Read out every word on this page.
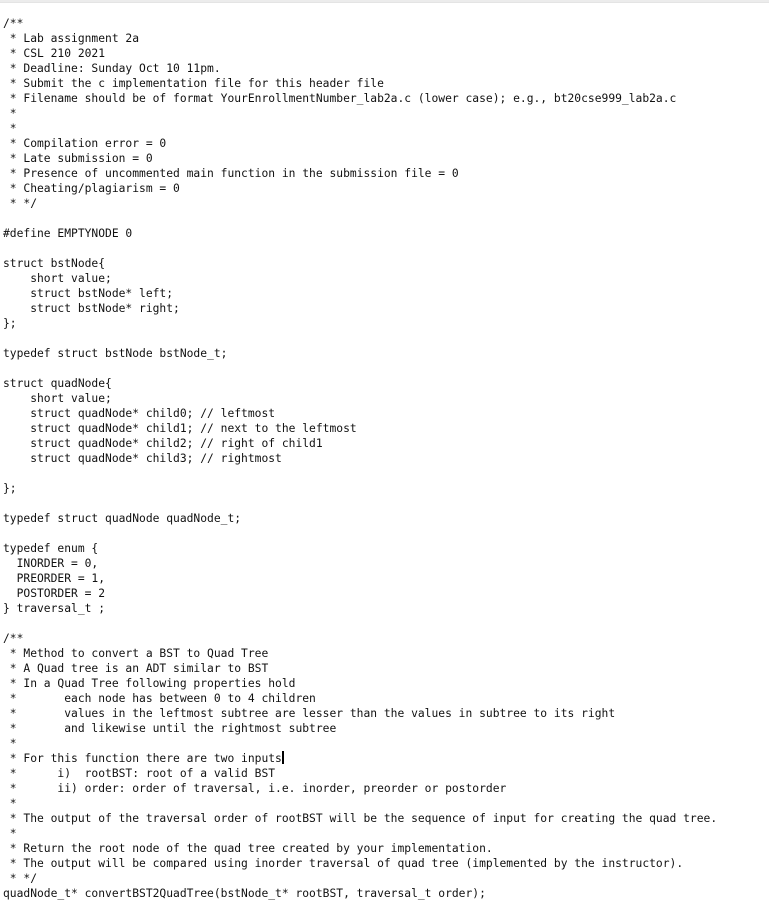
/**
* Lab assignment 2a
* CSL 210 2021
* Deadline: Sunday Oct 10 11pm.
* Submit the c implementation file for this header file
* Filename should be of format YourEnrollmentNumber_lab2a.c (lower case); e.g., bt20cse999_lab2a.c
*
*
* Compilation error = 0
* Late submission = 0
* Presence of uncommented main function in the submission file = 0
* Cheating/plagiarism = 0
* */
#define EMPTYNODE 0
struct bstNode{
short value;
struct bstNode* left;
struct bstNode* right;
};
typedef struct bstNode bstNode_t;
struct quadNode{
short value;
struct quadNode* child0; // leftmost
struct quadNode* child1; // next to the leftmost
struct quadNode* child2; // right of child1
struct quadNode* child3; // rightmost
};
typedef struct quadNode quadNode_t;
typedef enum {
INORDER = 0,
PREORDER = 1,
POSTORDER = 2
} traversal_t ;
/**
* Method to convert a BST to Quad Tree
* A Quad tree is an ADT similar to BST
* In a Quad Tree following properties hold
*       each node has between 0 to 4 children
*       values in the leftmost subtree are lesser than the values in subtree to its right
*       and likewise until the rightmost subtree
*
* For this function there are two inputs
*      i)  rootBST: root of a valid BST
*      ii) order: order of traversal, i.e. inorder, preorder or postorder
*
* The output of the traversal order of rootBST will be the sequence of input for creating the quad tree.
*
* Return the root node of the quad tree created by your implementation.
* The output will be compared using inorder traversal of quad tree (implemented by the instructor).
* */
quadNode_t* convertBST2QuadTree(bstNode_t* rootBST, traversal_t order);
